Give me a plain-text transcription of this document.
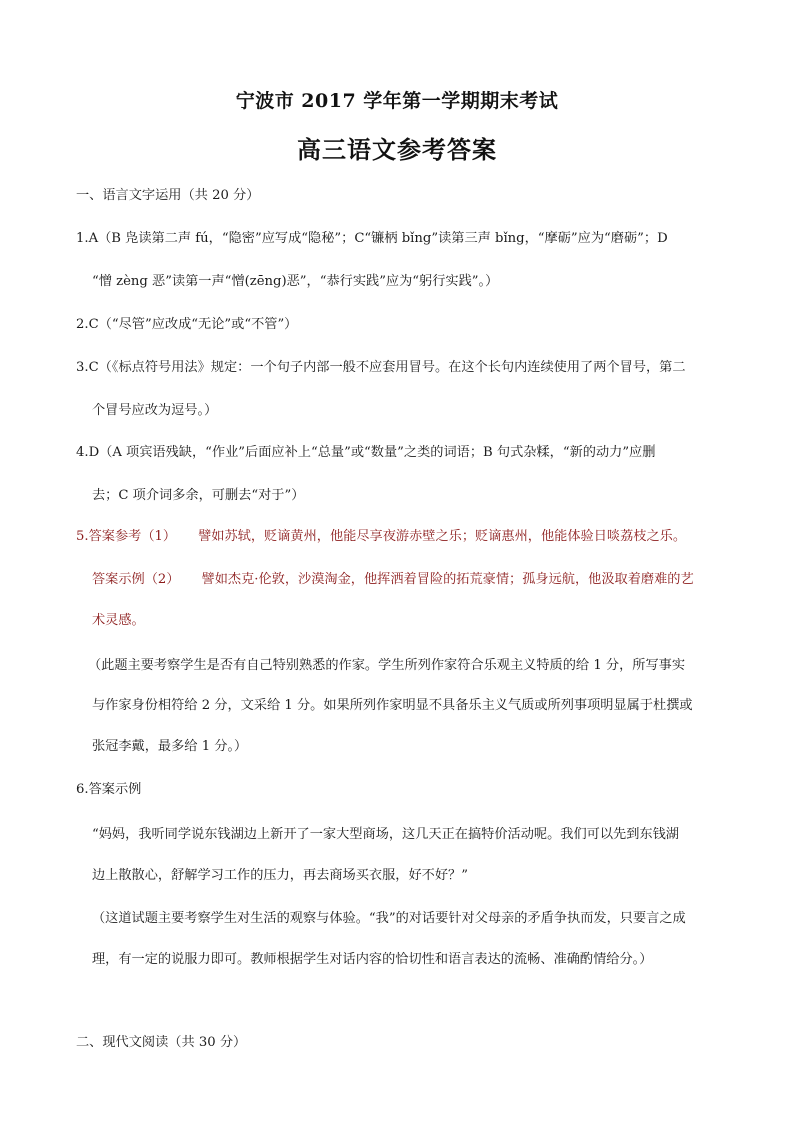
宁波市 2017 学年第一学期期末考试
高三语文参考答案
一、语言文字运用（共 20 分）
1.A（B 凫读第二声 fú，“隐密”应写成“隐秘”；C“镰柄 bǐng”读第三声 bǐng，“摩砺”应为“磨砺”；D
“憎 zèng 恶”读第一声“憎(zēng)恶”，“恭行实践”应为“躬行实践”。）
2.C（“尽管”应改成“无论”或“不管”）
3.C（《标点符号用法》规定：一个句子内部一般不应套用冒号。在这个长句内连续使用了两个冒号，第二
个冒号应改为逗号。）
4.D（A 项宾语残缺，“作业”后面应补上“总量”或“数量”之类的词语；B 句式杂糅，“新的动力”应删
去；C 项介词多余，可删去“对于”）
5.答案参考（1） 譬如苏轼，贬谪黄州，他能尽享夜游赤壁之乐；贬谪惠州，他能体验日啖荔枝之乐。
答案示例（2） 譬如杰克·伦敦，沙漠淘金，他挥洒着冒险的拓荒豪情；孤身远航，他汲取着磨难的艺
术灵感。
（此题主要考察学生是否有自己特别熟悉的作家。学生所列作家符合乐观主义特质的给 1 分，所写事实
与作家身份相符给 2 分，文采给 1 分。如果所列作家明显不具备乐主义气质或所列事项明显属于杜撰或
张冠李戴，最多给 1 分。）
6.答案示例
“妈妈，我听同学说东钱湖边上新开了一家大型商场，这几天正在搞特价活动呢。我们可以先到东钱湖
边上散散心，舒解学习工作的压力，再去商场买衣服，好不好？”
（这道试题主要考察学生对生活的观察与体验。“我”的对话要针对父母亲的矛盾争执而发，只要言之成
理，有一定的说服力即可。教师根据学生对话内容的恰切性和语言表达的流畅、准确酌情给分。）
二、现代文阅读（共 30 分）
